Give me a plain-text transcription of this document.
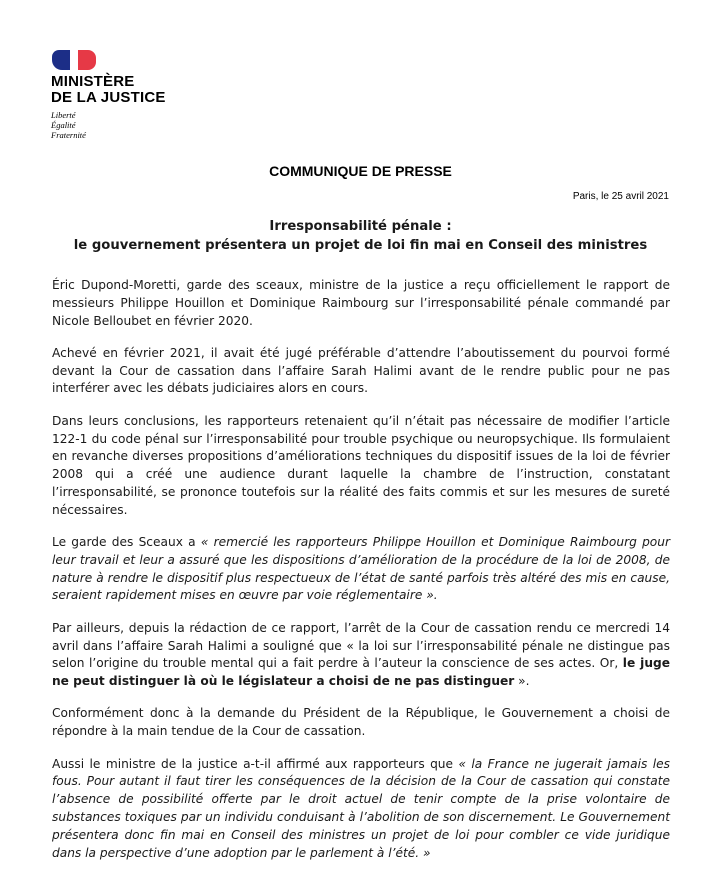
MINISTÈRE
DE LA JUSTICE
Liberté
Égalité
Fraternité
COMMUNIQUE DE PRESSE
Paris, le 25 avril 2021
Irresponsabilité pénale :
le gouvernement présentera un projet de loi fin mai en Conseil des ministres

Éric Dupond-Moretti, garde des sceaux, ministre de la justice a reçu officiellement le rapport de messieurs Philippe Houillon et Dominique Raimbourg sur l’irresponsabilité pénale commandé par Nicole Belloubet en février 2020.

Achevé en février 2021, il avait été jugé préférable d’attendre l’aboutissement du pourvoi formé devant la Cour de cassation dans l’affaire Sarah Halimi avant de le rendre public pour ne pas interférer avec les débats judiciaires alors en cours.

Dans leurs conclusions, les rapporteurs retenaient qu’il n’était pas nécessaire de modifier l’article 122-1 du code pénal sur l’irresponsabilité pour trouble psychique ou neuropsychique. Ils formulaient en revanche diverses propositions d’améliorations techniques du dispositif issues de la loi de février 2008 qui a créé une audience durant laquelle la chambre de l’instruction, constatant l’irresponsabilité, se prononce toutefois sur la réalité des faits commis et sur les mesures de sureté nécessaires.

Le garde des Sceaux a « remercié les rapporteurs Philippe Houillon et Dominique Raimbourg pour leur travail et leur a assuré que les dispositions d’amélioration de la procédure de la loi de 2008, de nature à rendre le dispositif plus respectueux de l’état de santé parfois très altéré des mis en cause, seraient rapidement mises en œuvre par voie réglementaire ».

Par ailleurs, depuis la rédaction de ce rapport, l’arrêt de la Cour de cassation rendu ce mercredi 14 avril dans l’affaire Sarah Halimi a souligné que « la loi sur l’irresponsabilité pénale ne distingue pas selon l’origine du trouble mental qui a fait perdre à l’auteur la conscience de ses actes. Or, le juge ne peut distinguer là où le législateur a choisi de ne pas distinguer ».

Conformément donc à la demande du Président de la République, le Gouvernement a choisi de répondre à la main tendue de la Cour de cassation.

Aussi le ministre de la justice a-t-il affirmé aux rapporteurs que « la France ne jugerait jamais les fous. Pour autant il faut tirer les conséquences de la décision de la Cour de cassation qui constate l’absence de possibilité offerte par le droit actuel de tenir compte de la prise volontaire de substances toxiques par un individu conduisant à l’abolition de son discernement. Le Gouvernement présentera donc fin mai en Conseil des ministres un projet de loi pour combler ce vide juridique dans la perspective d’une adoption par le parlement à l’été. »
